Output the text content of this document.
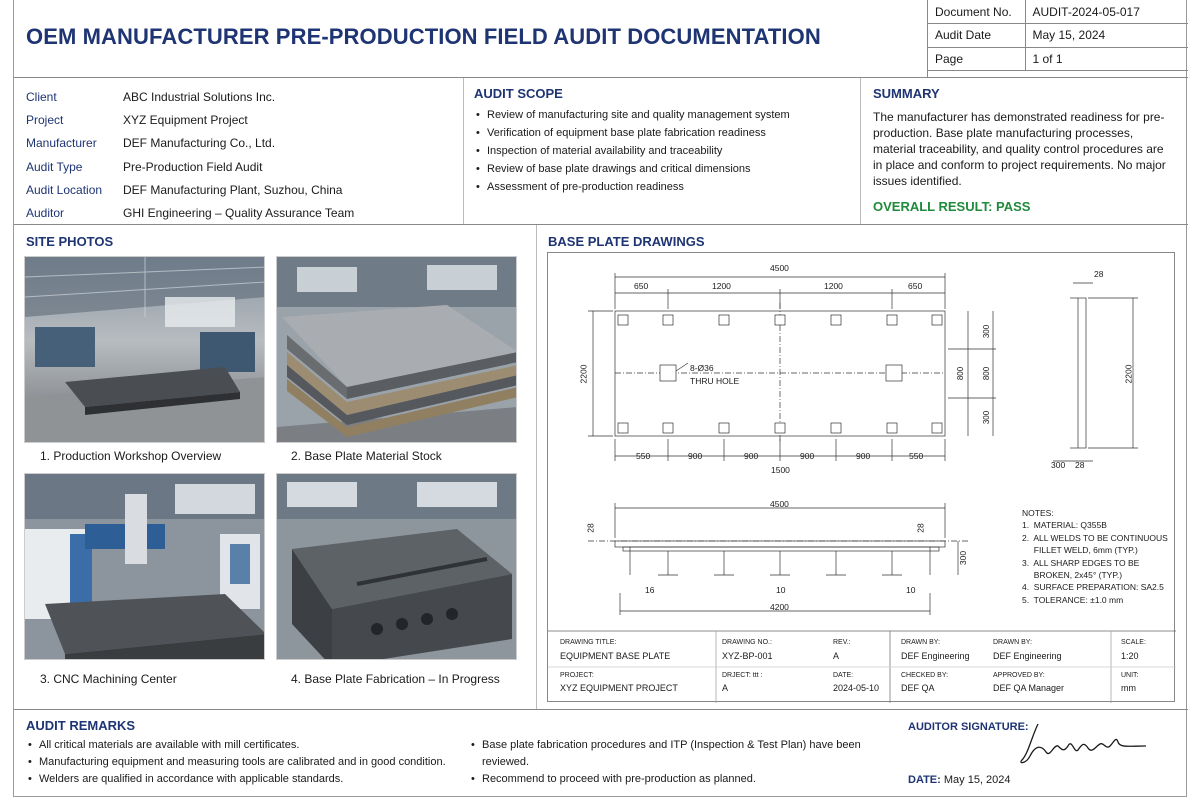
OEM MANUFACTURER PRE-PRODUCTION FIELD AUDIT DOCUMENTATION
Document No.	AUDIT-2024-05-017
Audit Date	May 15, 2024
Page	1 of 1
Client	ABC Industrial Solutions Inc.
Project	XYZ Equipment Project
Manufacturer	DEF Manufacturing Co., Ltd.
Audit Type	Pre-Production Field Audit
Audit Location	DEF Manufacturing Plant, Suzhou, China
Auditor	GHI Engineering – Quality Assurance Team
AUDIT SCOPE
• Review of manufacturing site and quality management system
• Verification of equipment base plate fabrication readiness
• Inspection of material availability and traceability
• Review of base plate drawings and critical dimensions
• Assessment of pre-production readiness
SUMMARY
The manufacturer has demonstrated readiness for pre-production. Base plate manufacturing processes, material traceability, and quality control procedures are in place and conform to project requirements. No major issues identified.
OVERALL RESULT: PASS
SITE PHOTOS
1. Production Workshop Overview	2. Base Plate Material Stock
3. CNC Machining Center	4. Base Plate Fabrication – In Progress
BASE PLATE DRAWINGS
4500
650	1200	1200	650
550	900	900	900	900	550
1500
2200
300
800 800
300
8-Ø36
THRU HOLE
28
2200
300 28
4500
28	28
300
16	10	10
4200
NOTES:
1.  MATERIAL: Q355B
2.  ALL WELDS TO BE CONTINUOUS
FILLET WELD, 6mm (TYP.)
3.  ALL SHARP EDGES TO BE
BROKEN, 2x45° (TYP.)
4.  SURFACE PREPARATION: SA2.5
5.  TOLERANCE: ±1.0 mm
DRAWING TITLE:
EQUIPMENT BASE PLATE
DRAWING NO.:
XYZ-BP-001
REV.:
A
DRAWN BY:
DEF Engineering
DRAWN BY:
DEF Engineering
SCALE:
1:20
PROJECT:
XYZ EQUIPMENT PROJECT
DRJECT: ttt :
A
DATE:
2024-05-10
CHECKED BY:
DEF QA
APPROVED BY:
DEF QA Manager
UNIT:
mm
AUDIT REMARKS
• All critical materials are available with mill certificates.
• Manufacturing equipment and measuring tools are calibrated and in good condition.
• Welders are qualified in accordance with applicable standards.
• Base plate fabrication procedures and ITP (Inspection & Test Plan) have been reviewed.
• Recommend to proceed with pre-production as planned.
AUDITOR SIGNATURE:
DATE: May 15, 2024
